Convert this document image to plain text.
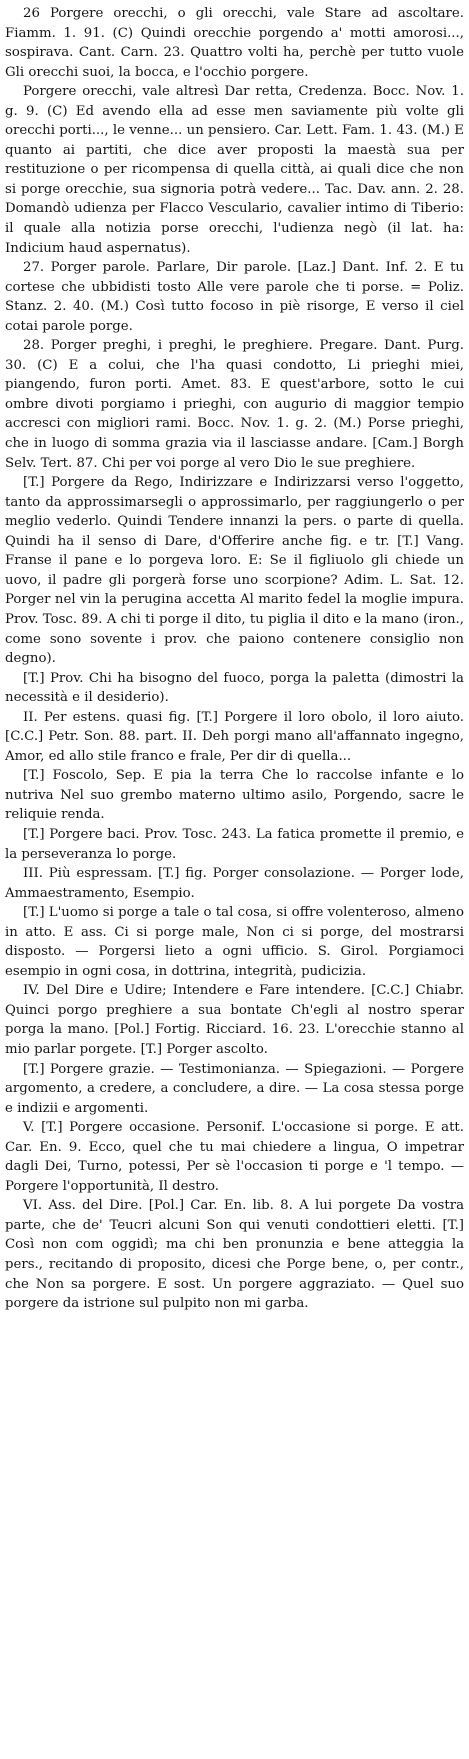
26 Porgere orecchi, o gli orecchi, vale Stare ad ascoltare. Fiamm. 1. 91. (C) Quindi orecchie porgendo a' motti amorosi..., sospirava. Cant. Carn. 23. Quattro volti ha, perchè per tutto vuole Gli orecchi suoi, la bocca, e l'occhio porgere.

Porgere orecchi, vale altresì Dar retta, Credenza. Bocc. Nov. 1. g. 9. (C) Ed avendo ella ad esse men saviamente più volte gli orecchi porti..., le venne... un pensiero. Car. Lett. Fam. 1. 43. (M.) E quanto ai partiti, che dice aver proposti la maestà sua per restituzione o per ricompensa di quella città, ai quali dice che non si porge orecchie, sua signoria potrà vedere... Tac. Dav. ann. 2. 28. Domandò udienza per Flacco Vesculario, cavalier intimo di Tiberio: il quale alla notizia porse orecchi, l'udienza negò (il lat. ha: Indicium haud aspernatus).

27. Porger parole. Parlare, Dir parole. [Laz.] Dant. Inf. 2. E tu cortese che ubbidisti tosto Alle vere parole che ti porse. = Poliz. Stanz. 2. 40. (M.) Così tutto focoso in piè risorge, E verso il ciel cotai parole porge.

28. Porger preghi, i preghi, le preghiere. Pregare. Dant. Purg. 30. (C) E a colui, che l'ha quasi condotto, Li prieghi miei, piangendo, furon porti. Amet. 83. E quest'arbore, sotto le cui ombre divoti porgiamo i prieghi, con augurio di maggior tempio accresci con migliori rami. Bocc. Nov. 1. g. 2. (M.) Porse prieghi, che in luogo di somma grazia via il lasciasse andare. [Cam.] Borgh Selv. Tert. 87. Chi per voi porge al vero Dio le sue preghiere.

[T.] Porgere da Rego, Indirizzare e Indirizzarsi verso l'oggetto, tanto da approssimarsegli o approssimarlo, per raggiungerlo o per meglio vederlo. Quindi Tendere innanzi la pers. o parte di quella. Quindi ha il senso di Dare, d'Offerire anche fig. e tr. [T.] Vang. Franse il pane e lo porgeva loro. E: Se il figliuolo gli chiede un uovo, il padre gli porgerà forse uno scorpione? Adim. L. Sat. 12. Porger nel vin la perugina accetta Al marito fedel la moglie impura. Prov. Tosc. 89. A chi ti porge il dito, tu piglia il dito e la mano (iron., come sono sovente i prov. che paiono contenere consiglio non degno).

[T.] Prov. Chi ha bisogno del fuoco, porga la paletta (dimostri la necessità e il desiderio).

II. Per estens. quasi fig. [T.] Porgere il loro obolo, il loro aiuto. [C.C.] Petr. Son. 88. part. II. Deh porgi mano all'affannato ingegno, Amor, ed allo stile franco e frale, Per dir di quella...

[T.] Foscolo, Sep. E pia la terra Che lo raccolse infante e lo nutriva Nel suo grembo materno ultimo asilo, Porgendo, sacre le reliquie renda.

[T.] Porgere baci. Prov. Tosc. 243. La fatica promette il premio, e la perseveranza lo porge.

III. Più espressam. [T.] fig. Porger consolazione. — Porger lode, Ammaestramento, Esempio.

[T.] L'uomo si porge a tale o tal cosa, si offre volenteroso, almeno in atto. E ass. Ci si porge male, Non ci si porge, del mostrarsi disposto. — Porgersi lieto a ogni ufficio. S. Girol. Porgiamoci esempio in ogni cosa, in dottrina, integrità, pudicizia.

IV. Del Dire e Udire; Intendere e Fare intendere. [C.C.] Chiabr. Quinci porgo preghiere a sua bontate Ch'egli al nostro sperar porga la mano. [Pol.] Fortig. Ricciard. 16. 23. L'orecchie stanno al mio parlar porgete. [T.] Porger ascolto.

[T.] Porgere grazie. — Testimonianza. — Spiegazioni. — Porgere argomento, a credere, a concludere, a dire. — La cosa stessa porge e indizii e argomenti.

V. [T.] Porgere occasione. Personif. L'occasione si porge. E att. Car. En. 9. Ecco, quel che tu mai chiedere a lingua, O impetrar dagli Dei, Turno, potessi, Per sè l'occasion ti porge e 'l tempo. — Porgere l'opportunità, Il destro.

VI. Ass. del Dire. [Pol.] Car. En. lib. 8. A lui porgete Da vostra parte, che de' Teucri alcuni Son qui venuti condottieri eletti. [T.] Così non com oggidì; ma chi ben pronunzia e bene atteggia la pers., recitando di proposito, dicesi che Porge bene, o, per contr., che Non sa porgere. E sost. Un porgere aggraziato. — Quel suo porgere da istrione sul pulpito non mi garba.
